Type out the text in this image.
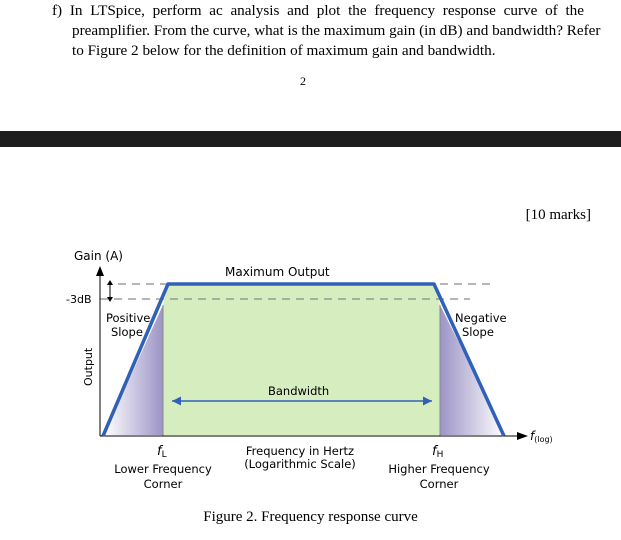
f) In LTSpice, perform ac analysis and plot the frequency response curve of the
preamplifier. From the curve, what is the maximum gain (in dB) and bandwidth? Refer
to Figure 2 below for the definition of maximum gain and bandwidth.
2
[10 marks]
Gain (A)
Maximum Output
-3dB
Output
Positive
Slope
Negative
Slope
Bandwidth
f(log)
fL	fH
Lower Frequency
Corner
Frequency in Hertz
(Logarithmic Scale)	Higher Frequency
Corner
Figure 2. Frequency response curve
